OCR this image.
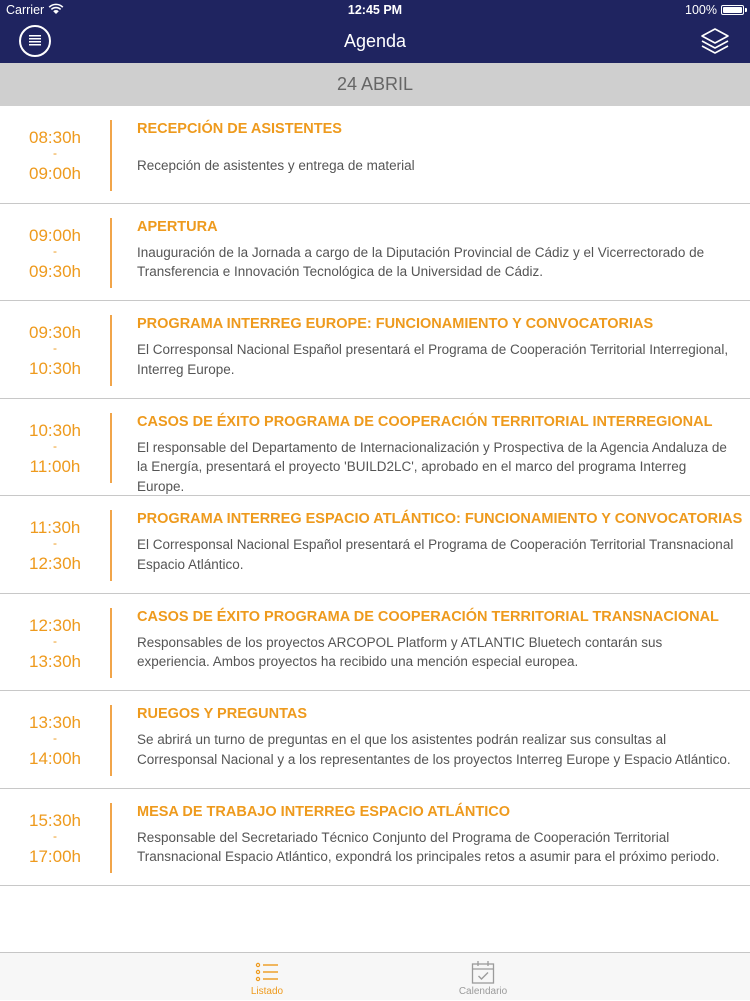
Carrier	12:45 PM	100%
Agenda
24 ABRIL
08:30h
-
09:00h
RECEPCIÓN DE ASISTENTES
Recepción de asistentes y entrega de material
09:00h
-
09:30h
APERTURA
Inauguración de la Jornada a cargo de la Diputación Provincial de Cádiz y el Vicerrectorado de Transferencia e Innovación Tecnológica de la Universidad de Cádiz.
09:30h
-
10:30h
PROGRAMA INTERREG EUROPE: FUNCIONAMIENTO Y CONVOCATORIAS
El Corresponsal Nacional Español presentará el Programa de Cooperación Territorial Interregional, Interreg Europe.
10:30h
-
11:00h
CASOS DE ÉXITO PROGRAMA DE COOPERACIÓN TERRITORIAL INTERREGIONAL
El responsable del Departamento de Internacionalización y Prospectiva de la Agencia Andaluza de la Energía, presentará el proyecto 'BUILD2LC', aprobado en el marco del programa Interreg Europe.
11:30h
-
12:30h
PROGRAMA INTERREG ESPACIO ATLÁNTICO: FUNCIONAMIENTO Y CONVOCATORIAS
El Corresponsal Nacional Español presentará el Programa de Cooperación Territorial Transnacional Espacio Atlántico.
12:30h
-
13:30h
CASOS DE ÉXITO PROGRAMA DE COOPERACIÓN TERRITORIAL TRANSNACIONAL
Responsables de los proyectos ARCOPOL Platform y ATLANTIC Bluetech contarán sus experiencia. Ambos proyectos ha recibido una mención especial europea.
13:30h
-
14:00h
RUEGOS Y PREGUNTAS
Se abrirá un turno de preguntas en el que los asistentes podrán realizar sus consultas al Corresponsal Nacional y a los representantes de los proyectos Interreg Europe y Espacio Atlántico.
15:30h
-
17:00h
MESA DE TRABAJO INTERREG ESPACIO ATLÁNTICO
Responsable del Secretariado Técnico Conjunto del Programa de Cooperación Territorial Transnacional Espacio Atlántico, expondrá los principales retos a asumir para el próximo periodo.
Listado	Calendario
